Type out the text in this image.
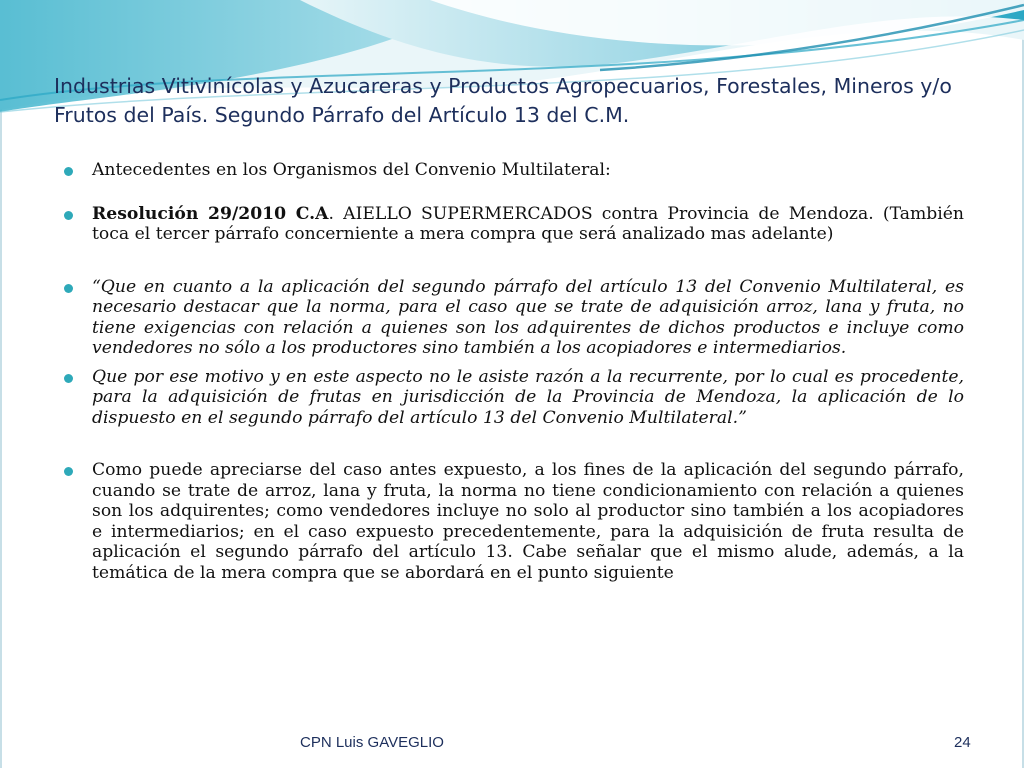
Industrias Vitivinícolas y Azucareras y Productos Agropecuarios, Forestales, Mineros y/o Frutos del País. Segundo Párrafo del Artículo 13 del C.M.
Antecedentes en los Organismos del Convenio Multilateral:
Resolución 29/2010 C.A. AIELLO SUPERMERCADOS contra Provincia de Mendoza. (También toca el tercer párrafo concerniente a mera compra que será analizado mas adelante)
“Que en cuanto a la aplicación del segundo párrafo del artículo 13 del Convenio Multilateral, es necesario destacar que la norma, para el caso que se trate de adquisición arroz, lana y fruta, no tiene exigencias con relación a quienes son los adquirentes de dichos productos e incluye como vendedores no sólo a los productores sino también a los acopiadores e intermediarios.
Que por ese motivo y en este aspecto no le asiste razón a la recurrente, por lo cual es procedente, para la adquisición de frutas en jurisdicción de la Provincia de Mendoza, la aplicación de lo dispuesto en el segundo párrafo del artículo 13 del Convenio Multilateral.”
Como puede apreciarse del caso antes expuesto, a los fines de la aplicación del segundo párrafo, cuando se trate de arroz, lana y fruta, la norma no tiene condicionamiento con relación a quienes son los adquirentes; como vendedores incluye no solo al productor sino también a los acopiadores e intermediarios; en el caso expuesto precedentemente, para la adquisición de fruta resulta de aplicación el segundo párrafo del artículo 13. Cabe señalar que el mismo alude, además, a la temática de la mera compra que se abordará en el punto siguiente
CPN Luis GAVEGLIO	24
